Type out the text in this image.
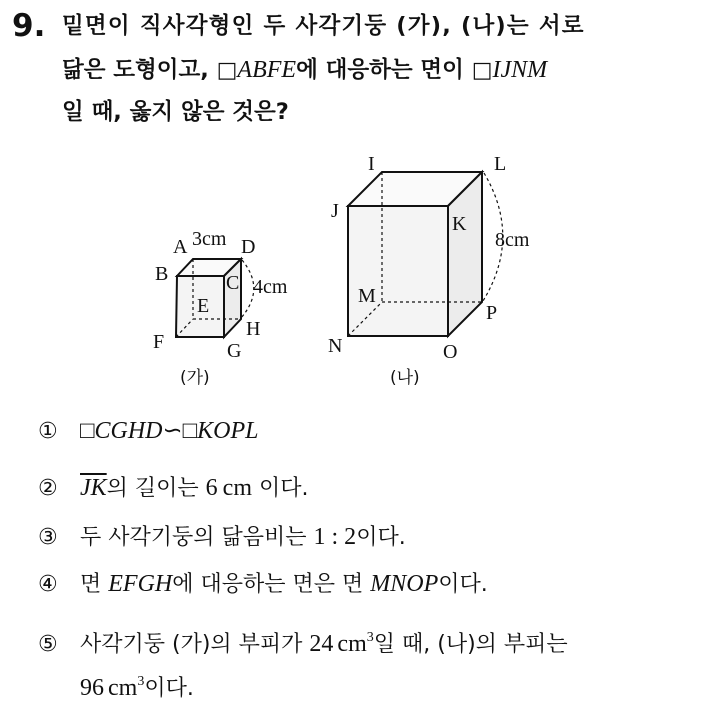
9. 밑면이 직사각형인 두 사각기둥 (가), (나)는 서로
닮은 도형이고, □ABFE에 대응하는 면이 □IJNM
일 때, 옳지 않은 것은?
A	D
B	C
E
F	G
H
3cm
4cm
(가)
I	L
J
K
M
N	O
P
8cm
(나)
① □CGHD∽□KOPL
② $\overline{JK}$의 길이는 6 cm 이다.
③ 두 사각기둥의 닮음비는 1 : 2이다.
④ 면 EFGH에 대응하는 면은 면 MNOP이다.
⑤ 사각기둥 (가)의 부피가 24 $cm^3$일 때, (나)의 부피는
96 $cm^3$이다.
